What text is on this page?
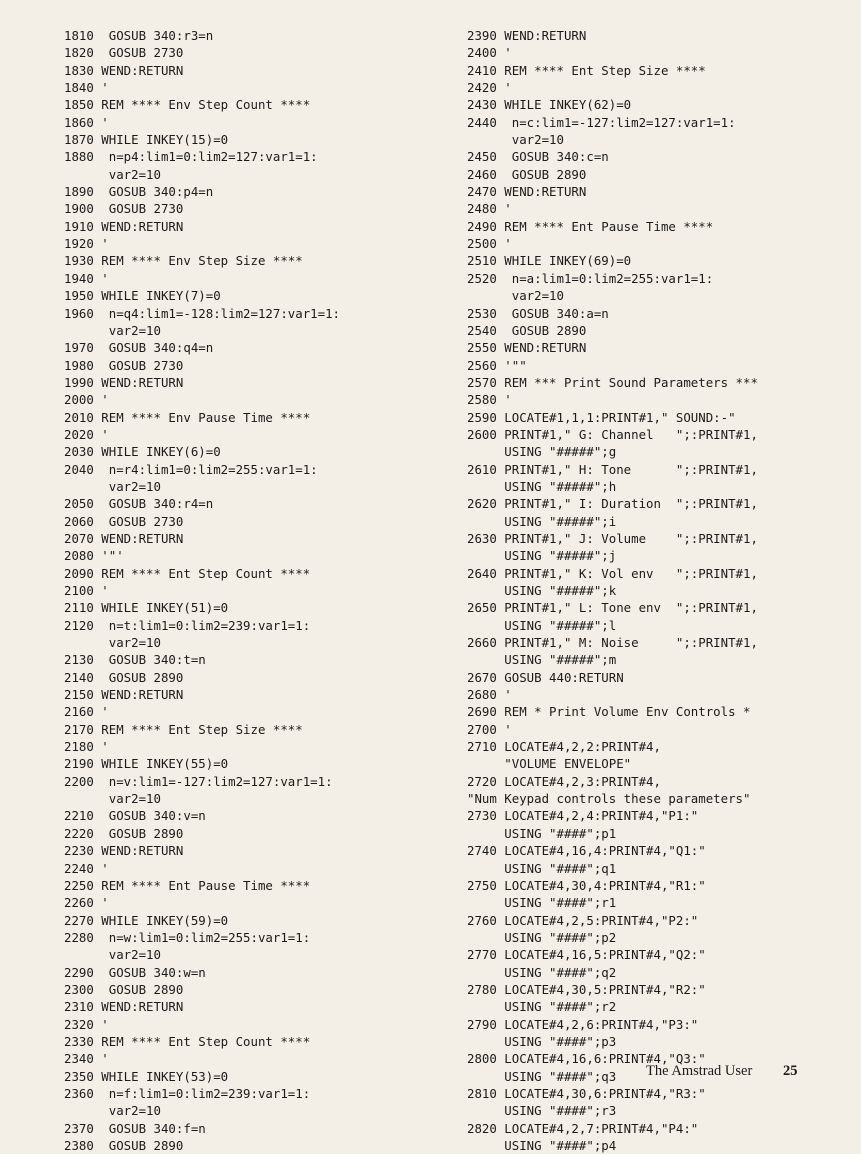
1810  GOSUB 340:r3=n
1820  GOSUB 2730
1830 WEND:RETURN
1840 '
1850 REM **** Env Step Count ****
1860 '
1870 WHILE INKEY(15)=0
1880  n=p4:lim1=0:lim2=127:var1=1:
var2=10
1890  GOSUB 340:p4=n
1900  GOSUB 2730
1910 WEND:RETURN
1920 '
1930 REM **** Env Step Size ****
1940 '
1950 WHILE INKEY(7)=0
1960  n=q4:lim1=-128:lim2=127:var1=1:
var2=10
1970  GOSUB 340:q4=n
1980  GOSUB 2730
1990 WEND:RETURN
2000 '
2010 REM **** Env Pause Time ****
2020 '
2030 WHILE INKEY(6)=0
2040  n=r4:lim1=0:lim2=255:var1=1:
var2=10
2050  GOSUB 340:r4=n
2060  GOSUB 2730
2070 WEND:RETURN
2080 '"'
2090 REM **** Ent Step Count ****
2100 '
2110 WHILE INKEY(51)=0
2120  n=t:lim1=0:lim2=239:var1=1:
var2=10
2130  GOSUB 340:t=n
2140  GOSUB 2890
2150 WEND:RETURN
2160 '
2170 REM **** Ent Step Size ****
2180 '
2190 WHILE INKEY(55)=0
2200  n=v:lim1=-127:lim2=127:var1=1:
var2=10
2210  GOSUB 340:v=n
2220  GOSUB 2890
2230 WEND:RETURN
2240 '
2250 REM **** Ent Pause Time ****
2260 '
2270 WHILE INKEY(59)=0
2280  n=w:lim1=0:lim2=255:var1=1:
var2=10
2290  GOSUB 340:w=n
2300  GOSUB 2890
2310 WEND:RETURN
2320 '
2330 REM **** Ent Step Count ****
2340 '
2350 WHILE INKEY(53)=0
2360  n=f:lim1=0:lim2=239:var1=1:
var2=10
2370  GOSUB 340:f=n
2380  GOSUB 2890
2390 WEND:RETURN
2400 '
2410 REM **** Ent Step Size ****
2420 '
2430 WHILE INKEY(62)=0
2440  n=c:lim1=-127:lim2=127:var1=1:
var2=10
2450  GOSUB 340:c=n
2460  GOSUB 2890
2470 WEND:RETURN
2480 '
2490 REM **** Ent Pause Time ****
2500 '
2510 WHILE INKEY(69)=0
2520  n=a:lim1=0:lim2=255:var1=1:
var2=10
2530  GOSUB 340:a=n
2540  GOSUB 2890
2550 WEND:RETURN
2560 '""
2570 REM *** Print Sound Parameters ***
2580 '
2590 LOCATE#1,1,1:PRINT#1," SOUND:-"
2600 PRINT#1," G: Channel   ";:PRINT#1,
USING "#####";g
2610 PRINT#1," H: Tone      ";:PRINT#1,
USING "#####";h
2620 PRINT#1," I: Duration  ";:PRINT#1,
USING "#####";i
2630 PRINT#1," J: Volume    ";:PRINT#1,
USING "#####";j
2640 PRINT#1," K: Vol env   ";:PRINT#1,
USING "#####";k
2650 PRINT#1," L: Tone env  ";:PRINT#1,
USING "#####";l
2660 PRINT#1," M: Noise     ";:PRINT#1,
USING "#####";m
2670 GOSUB 440:RETURN
2680 '
2690 REM * Print Volume Env Controls *
2700 '
2710 LOCATE#4,2,2:PRINT#4,
"VOLUME ENVELOPE"
2720 LOCATE#4,2,3:PRINT#4,
"Num Keypad controls these parameters"
2730 LOCATE#4,2,4:PRINT#4,"P1:"
USING "####";p1
2740 LOCATE#4,16,4:PRINT#4,"Q1:"
USING "####";q1
2750 LOCATE#4,30,4:PRINT#4,"R1:"
USING "####";r1
2760 LOCATE#4,2,5:PRINT#4,"P2:"
USING "####";p2
2770 LOCATE#4,16,5:PRINT#4,"Q2:"
USING "####";q2
2780 LOCATE#4,30,5:PRINT#4,"R2:"
USING "####";r2
2790 LOCATE#4,2,6:PRINT#4,"P3:"
USING "####";p3
2800 LOCATE#4,16,6:PRINT#4,"Q3:"
USING "####";q3
2810 LOCATE#4,30,6:PRINT#4,"R3:"
USING "####";r3
2820 LOCATE#4,2,7:PRINT#4,"P4:"
USING "####";p4
The Amstrad User 25
